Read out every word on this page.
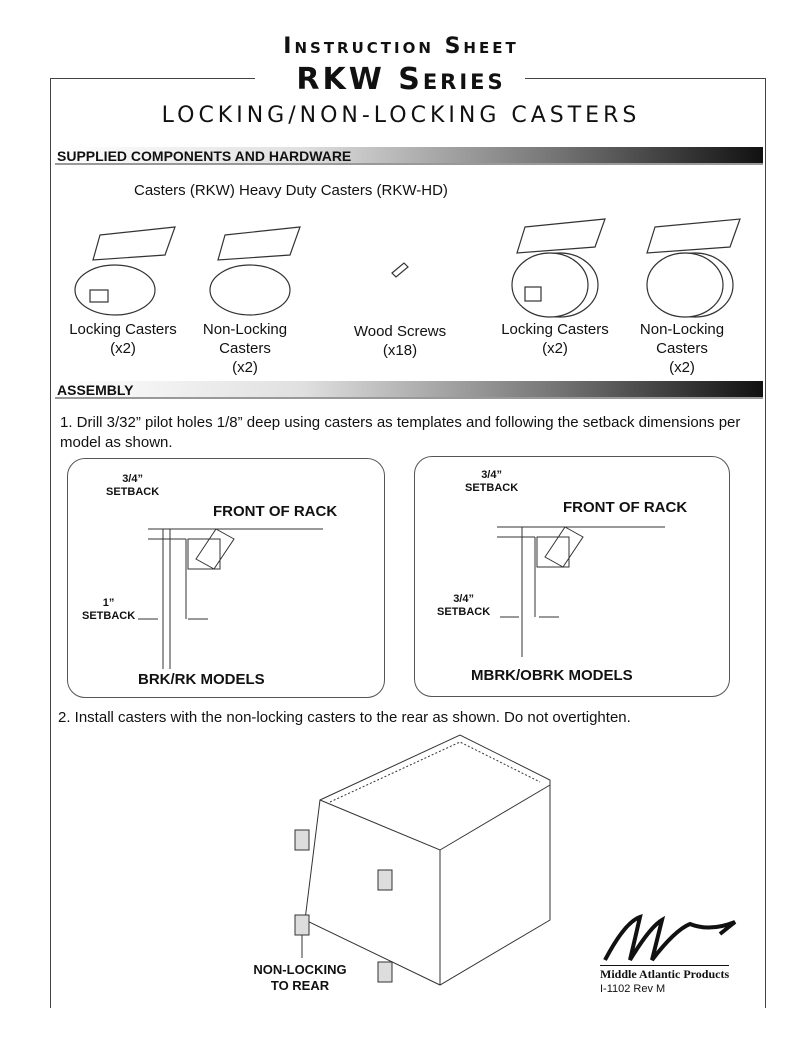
Instruction Sheet
RKW Series
LOCKING/NON-LOCKING CASTERS
SUPPLIED COMPONENTS AND HARDWARE
Casters (RKW) Heavy Duty Casters (RKW-HD)
Locking Casters
(x2)
Non-Locking Casters
(x2)
Wood Screws
(x18)
Locking Casters
(x2)
Non-Locking Casters
(x2)
ASSEMBLY
1. Drill 3/32” pilot holes 1/8” deep using casters as templates and following the setback dimensions per model as shown.
3/4”
SETBACK
FRONT OF RACK
1”
SETBACK
BRK/RK MODELS
3/4”
SETBACK
FRONT OF RACK
3/4”
SETBACK
MBRK/OBRK MODELS
2. Install casters with the non-locking casters to the rear as shown. Do not overtighten.
NON-LOCKING TO REAR
Middle Atlantic Products
I-1102 Rev M
